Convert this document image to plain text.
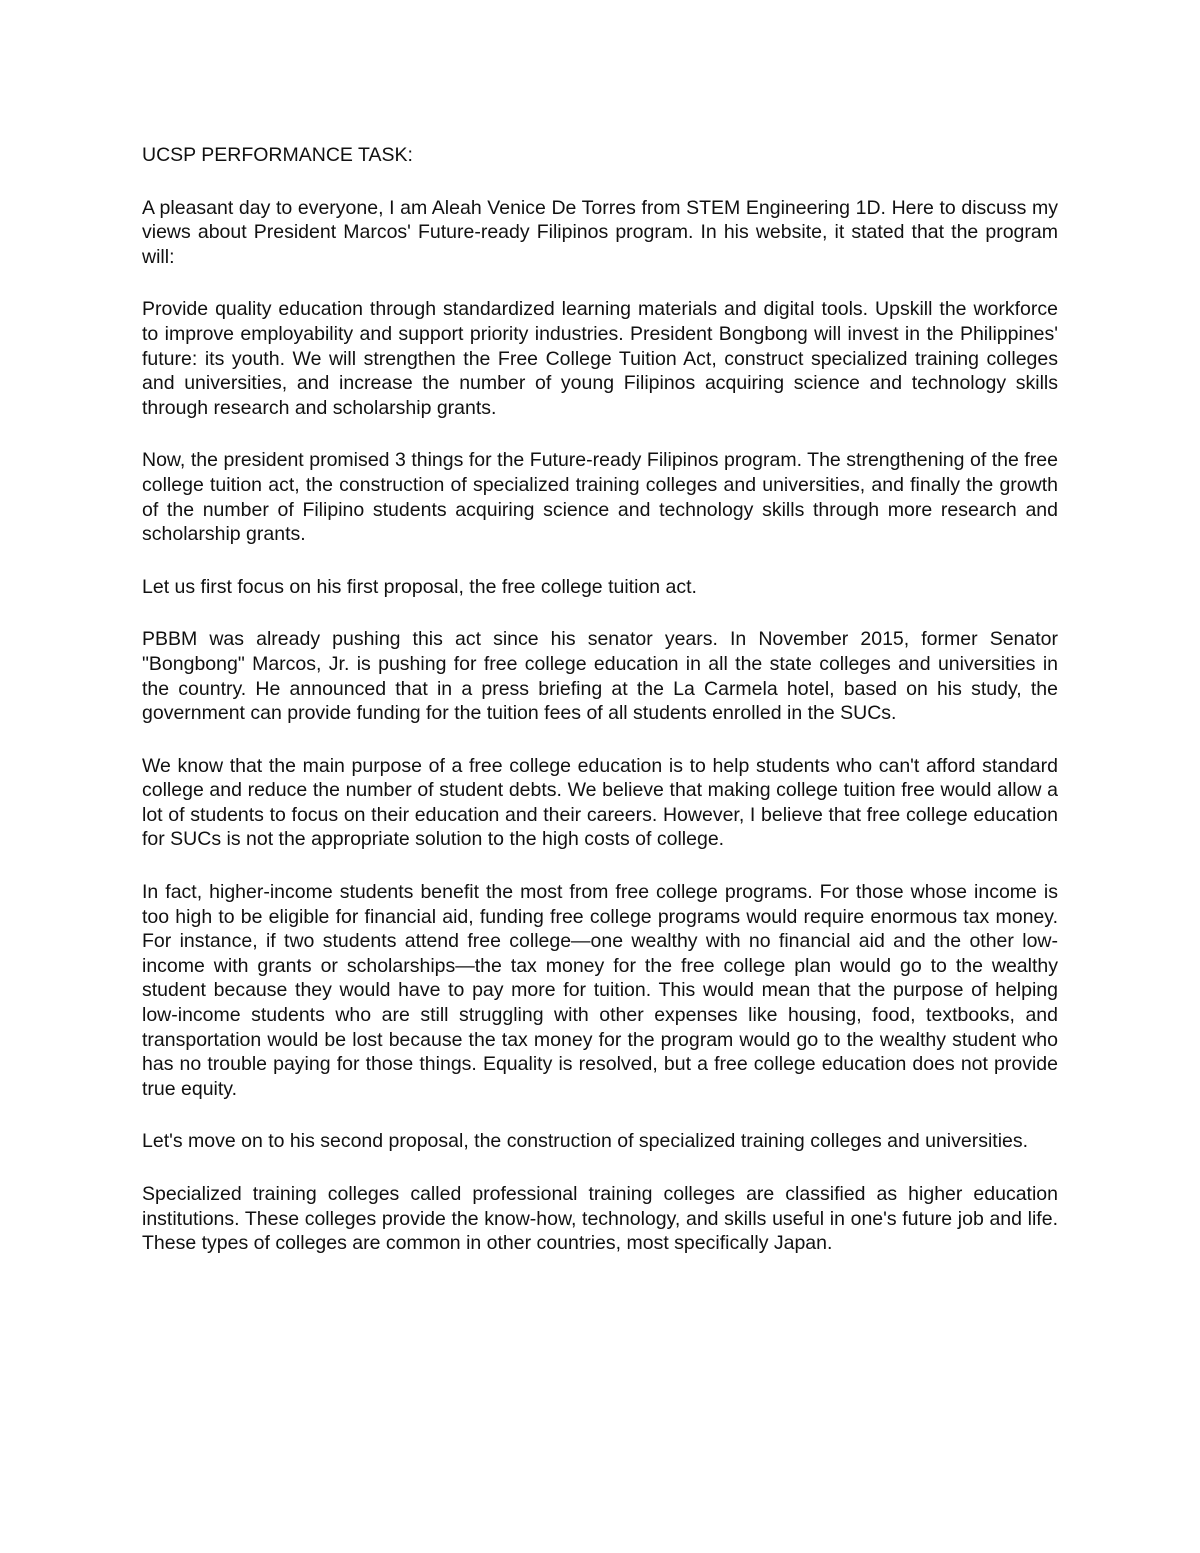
UCSP PERFORMANCE TASK:

A pleasant day to everyone, I am Aleah Venice De Torres from STEM Engineering 1D. Here to discuss my views about President Marcos' Future-ready Filipinos program. In his website, it stated that the program will:

Provide quality education through standardized learning materials and digital tools. Upskill the workforce to improve employability and support priority industries. President Bongbong will invest in the Philippines' future: its youth. We will strengthen the Free College Tuition Act, construct specialized training colleges and universities, and increase the number of young Filipinos acquiring science and technology skills through research and scholarship grants.

Now, the president promised 3 things for the Future-ready Filipinos program. The strengthening of the free college tuition act, the construction of specialized training colleges and universities, and finally the growth of the number of Filipino students acquiring science and technology skills through more research and scholarship grants.

Let us first focus on his first proposal, the free college tuition act.

PBBM was already pushing this act since his senator years. In November 2015, former Senator "Bongbong" Marcos, Jr. is pushing for free college education in all the state colleges and universities in the country. He announced that in a press briefing at the La Carmela hotel, based on his study, the government can provide funding for the tuition fees of all students enrolled in the SUCs.

We know that the main purpose of a free college education is to help students who can't afford standard college and reduce the number of student debts. We believe that making college tuition free would allow a lot of students to focus on their education and their careers. However, I believe that free college education for SUCs is not the appropriate solution to the high costs of college.

In fact, higher-income students benefit the most from free college programs. For those whose income is too high to be eligible for financial aid, funding free college programs would require enormous tax money. For instance, if two students attend free college—one wealthy with no financial aid and the other low-income with grants or scholarships—the tax money for the free college plan would go to the wealthy student because they would have to pay more for tuition. This would mean that the purpose of helping low-income students who are still struggling with other expenses like housing, food, textbooks, and transportation would be lost because the tax money for the program would go to the wealthy student who has no trouble paying for those things. Equality is resolved, but a free college education does not provide true equity.

Let's move on to his second proposal, the construction of specialized training colleges and universities.

Specialized training colleges called professional training colleges are classified as higher education institutions. These colleges provide the know-how, technology, and skills useful in one's future job and life. These types of colleges are common in other countries, most specifically Japan.
